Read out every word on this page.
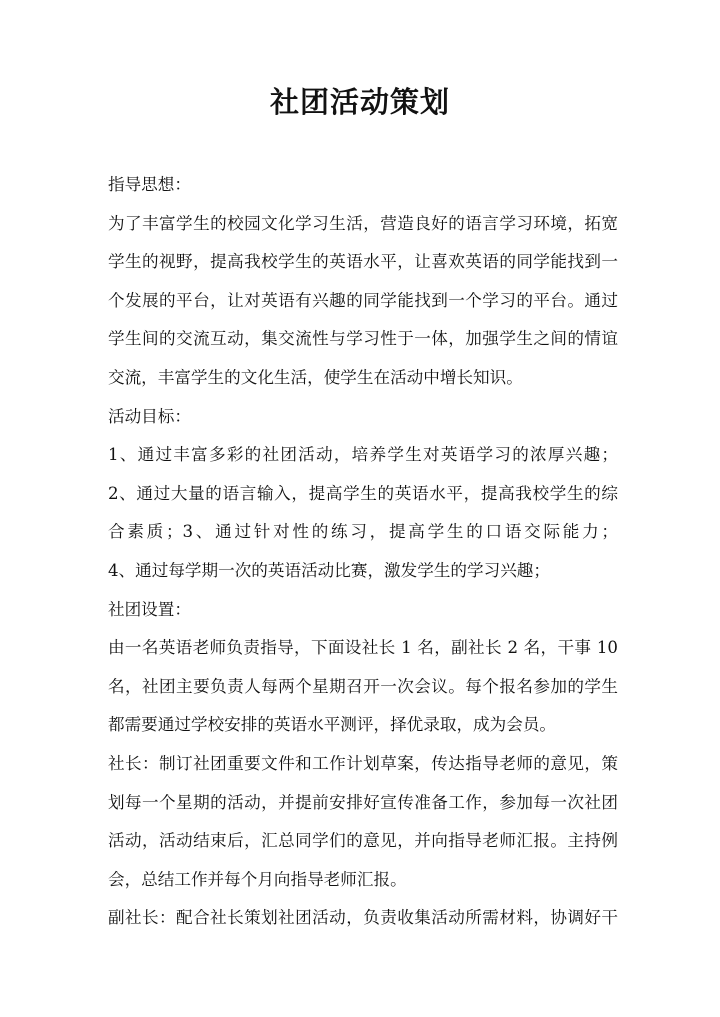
社团活动策划
指导思想：
为了丰富学生的校园文化学习生活，营造良好的语言学习环境，拓宽
学生的视野，提高我校学生的英语水平，让喜欢英语的同学能找到一
个发展的平台，让对英语有兴趣的同学能找到一个学习的平台。通过
学生间的交流互动，集交流性与学习性于一体，加强学生之间的情谊
交流，丰富学生的文化生活，使学生在活动中增长知识。
活动目标：
1、通过丰富多彩的社团活动，培养学生对英语学习的浓厚兴趣；
2、通过大量的语言输入，提高学生的英语水平，提高我校学生的综
合素质；3、通过针对性的练习，提高学生的口语交际能力；
4、通过每学期一次的英语活动比赛，激发学生的学习兴趣；
社团设置：
由一名英语老师负责指导，下面设社长 1 名，副社长 2 名，干事 10
名，社团主要负责人每两个星期召开一次会议。每个报名参加的学生
都需要通过学校安排的英语水平测评，择优录取，成为会员。
社长：制订社团重要文件和工作计划草案，传达指导老师的意见，策
划每一个星期的活动，并提前安排好宣传准备工作，参加每一次社团
活动，活动结束后，汇总同学们的意见，并向指导老师汇报。主持例
会，总结工作并每个月向指导老师汇报。
副社长：配合社长策划社团活动，负责收集活动所需材料，协调好干
